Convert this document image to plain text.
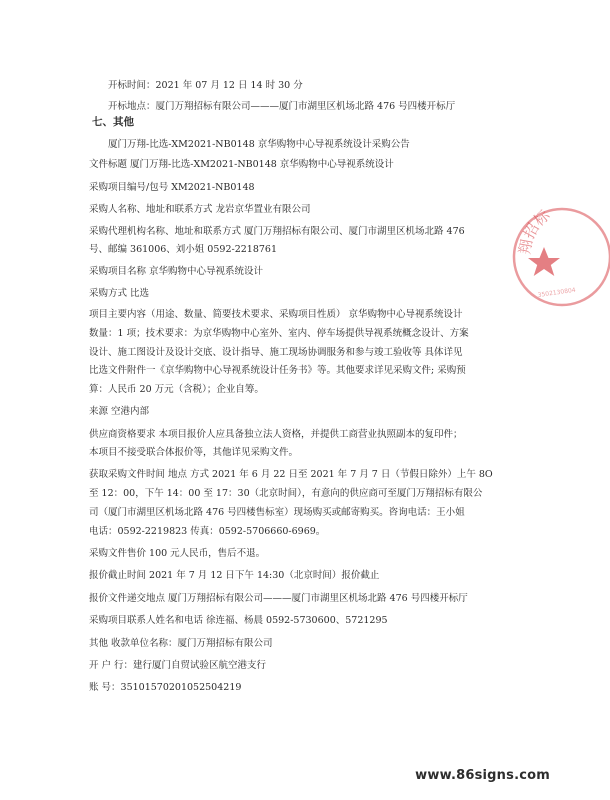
开标时间：2021 年 07 月 12 日 14 时 30 分
开标地点：厦门万翔招标有限公司———厦门市湖里区机场北路 476 号四楼开标厅
七、其他
厦门万翔-比选-XM2021-NB0148 京华购物中心导视系统设计采购公告
文件标题 厦门万翔-比选-XM2021-NB0148 京华购物中心导视系统设计
采购项目编号/包号 XM2021-NB0148
采购人名称、地址和联系方式 龙岩京华置业有限公司
采购代理机构名称、地址和联系方式 厦门万翔招标有限公司、厦门市湖里区机场北路 476
号、邮编 361006、刘小姐 0592-2218761
采购项目名称 京华购物中心导视系统设计
采购方式 比选
项目主要内容（用途、数量、简要技术要求、采购项目性质） 京华购物中心导视系统设计
数量：1 项；技术要求：为京华购物中心室外、室内、停车场提供导视系统概念设计、方案
设计、施工图设计及设计交底、设计指导、施工现场协调服务和参与竣工验收等 具体详见
比选文件附件一《京华购物中心导视系统设计任务书》等。其他要求详见采购文件; 采购预
算：人民币 20 万元（含税）；企业自筹。
来源 空港内部
供应商资格要求 本项目报价人应具备独立法人资格，并提供工商营业执照副本的复印件；
本项目不接受联合体报价等，其他详见采购文件。
获取采购文件时间 地点 方式 2021 年 6 月 22 日至 2021 年 7 月 7 日（节假日除外）上午 8O
至 12：00，下午 14：00 至 17：30（北京时间），有意向的供应商可至厦门万翔招标有限公
司（厦门市湖里区机场北路 476 号四楼售标室）现场购买或邮寄购买。咨询电话：王小姐
电话：0592-2219823 传真：0592-5706660-6969。
采购文件售价 100 元人民币，售后不退。
报价截止时间 2021 年 7 月 12 日下午 14:30（北京时间）报价截止
报价文件递交地点 厦门万翔招标有限公司———厦门市湖里区机场北路 476 号四楼开标厅
采购项目联系人姓名和电话 徐连福、杨晨 0592-5730600、5721295
其他 收款单位名称：厦门万翔招标有限公司
开 户 行：建行厦门自贸试验区航空港支行
账 号：35101570201052504219
翔招标
3502130804
www.86signs.com
